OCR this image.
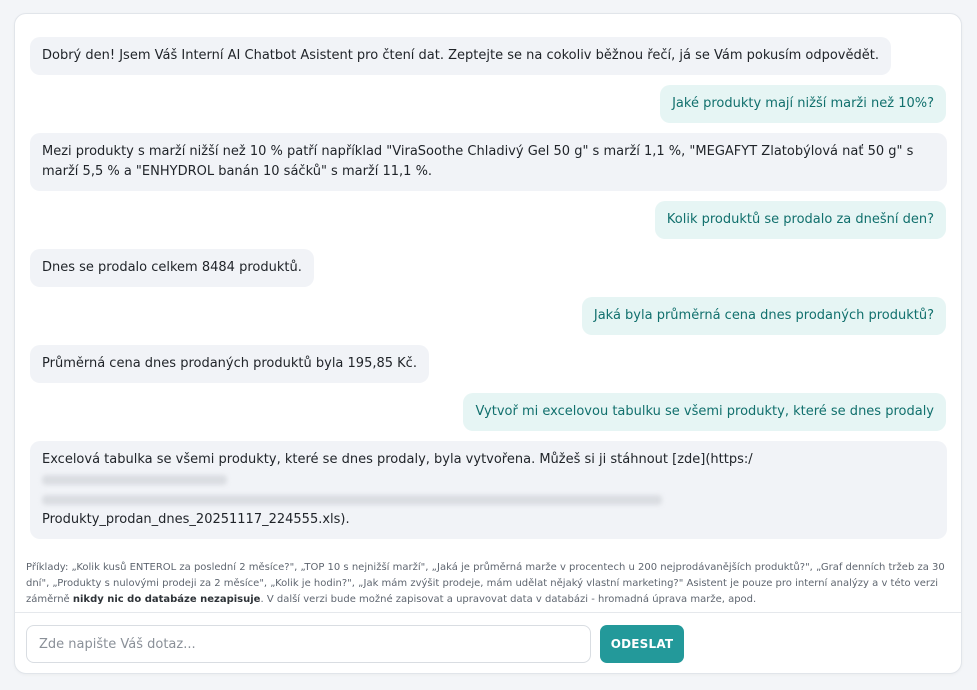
Dobrý den! Jsem Váš Interní AI Chatbot Asistent pro čtení dat. Zeptejte se na cokoliv běžnou řečí, já se Vám pokusím odpovědět.
Jaké produkty mají nižší marži než 10%?
Mezi produkty s marží nižší než 10 % patří například "ViraSoothe Chladivý Gel 50 g" s marží 1,1 %, "MEGAFYT Zlatobýlová nať 50 g" s marží 5,5 % a "ENHYDROL banán 10 sáčků" s marží 11,1 %.
Kolik produktů se prodalo za dnešní den?
Dnes se prodalo celkem 8484 produktů.
Jaká byla průměrná cena dnes prodaných produktů?
Průměrná cena dnes prodaných produktů byla 195,85 Kč.
Vytvoř mi excelovou tabulku se všemi produkty, které se dnes prodaly
Excelová tabulka se všemi produkty, které se dnes prodaly, byla vytvořena. Můžeš si ji stáhnout [zde](https:/

Produkty_prodan_dnes_20251117_224555.xls).
Příklady: „Kolik kusů ENTEROL za poslední 2 měsíce?", „TOP 10 s nejnižší marží", „Jaká je průměrná marže v procentech u 200 nejprodávanějších produktů?", „Graf denních tržeb za 30 dní", „Produkty s nulovými prodeji za 2 měsíce", „Kolik je hodin?", „Jak mám zvýšit prodeje, mám udělat nějaký vlastní marketing?" Asistent je pouze pro interní analýzy a v této verzi záměrně nikdy nic do databáze nezapisuje. V další verzi bude možné zapisovat a upravovat data v databázi - hromadná úprava marže, apod.
Zde napište Váš dotaz...
ODESLAT
